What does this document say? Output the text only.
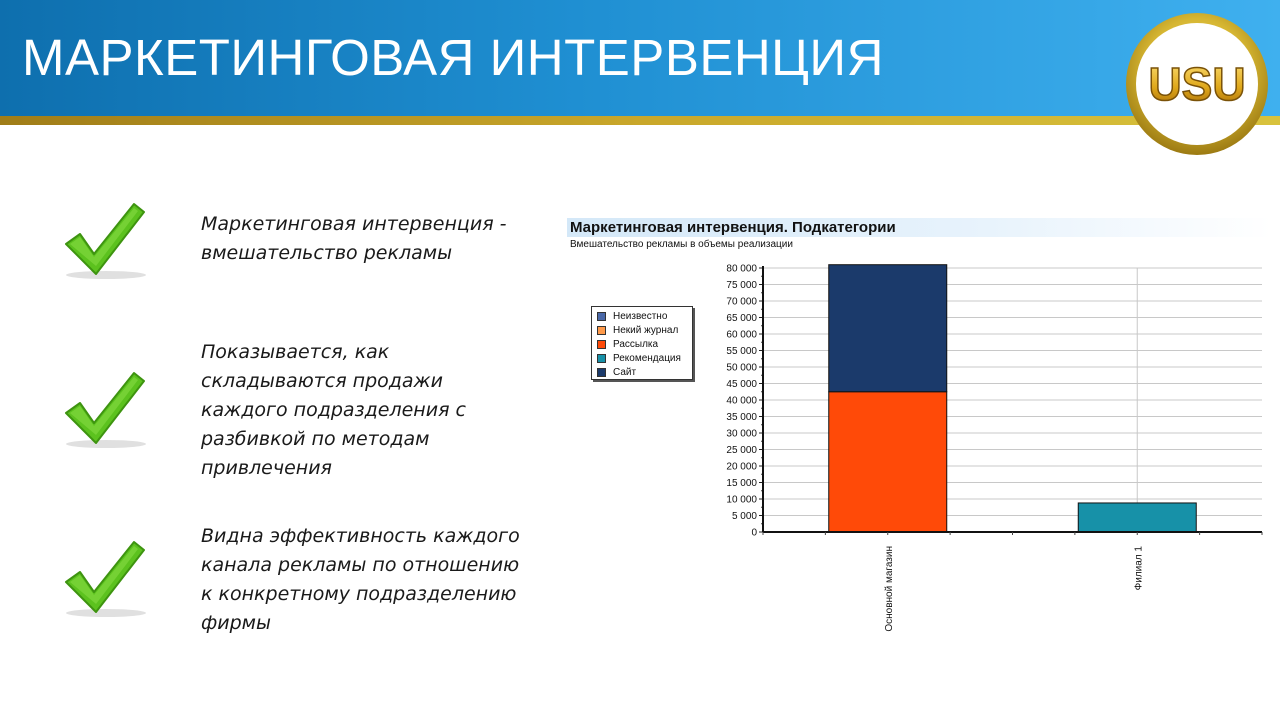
МАРКЕТИНГОВАЯ ИНТЕРВЕНЦИЯ	USU

Маркетинговая интервенция - вмешательство рекламы

Показывается, как складываются продажи каждого подразделения с разбивкой по методам привлечения

Видна эффективность каждого канала рекламы по отношению к конкретному подразделению фирмы

Маркетинговая интервенция. Подкатегории
Вмешательство рекламы в объемы реализации
Неизвестно
Некий журнал
Рассылка
Рекомендация
Сайт
0
5 000
10 000
15 000
20 000
25 000
30 000
35 000
40 000
45 000
50 000
55 000
60 000
65 000
70 000
75 000
80 000
Основной магазин	Филиал 1
